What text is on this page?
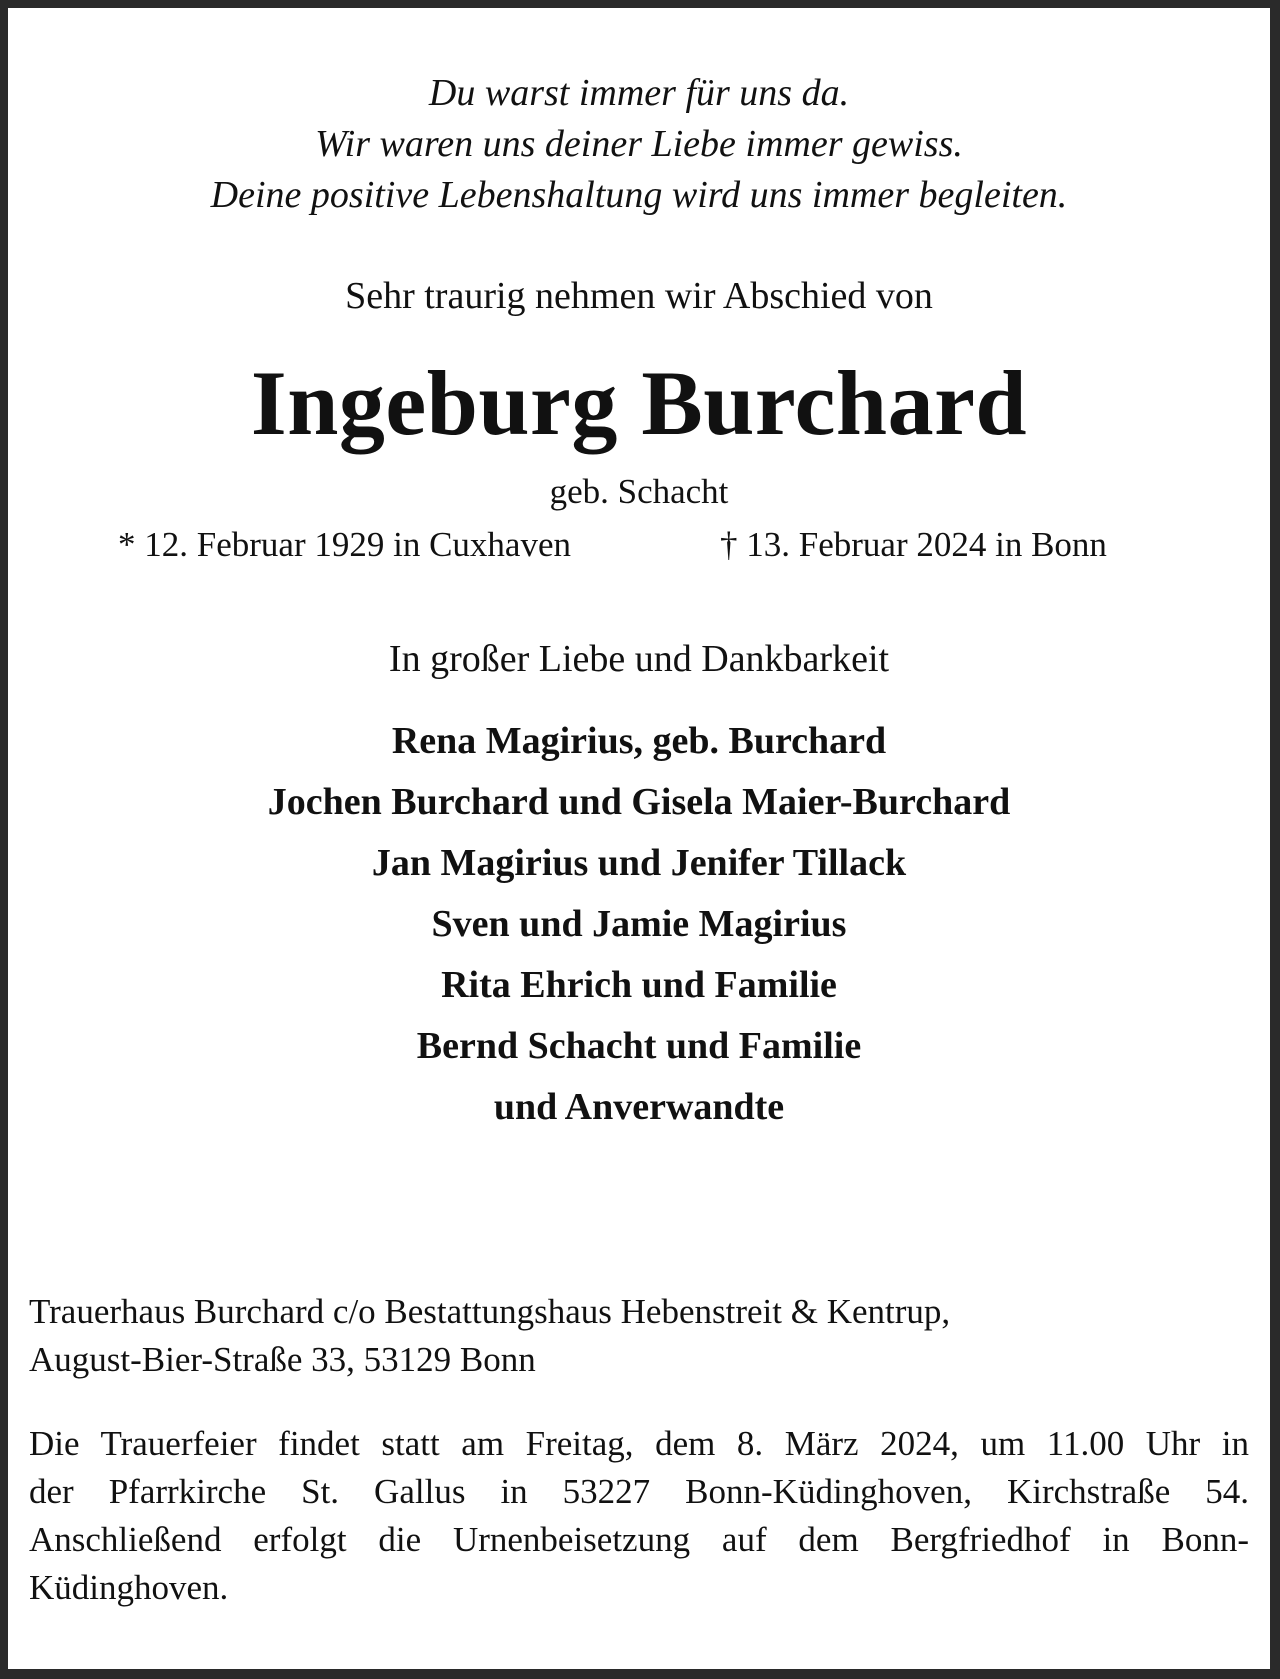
Du warst immer für uns da.
Wir waren uns deiner Liebe immer gewiss.
Deine positive Lebenshaltung wird uns immer begleiten.
Sehr traurig nehmen wir Abschied von
Ingeburg Burchard
geb. Schacht
* 12. Februar 1929 in Cuxhaven	† 13. Februar 2024 in Bonn
In großer Liebe und Dankbarkeit
Rena Magirius, geb. Burchard
Jochen Burchard und Gisela Maier-Burchard
Jan Magirius und Jenifer Tillack
Sven und Jamie Magirius
Rita Ehrich und Familie
Bernd Schacht und Familie
und Anverwandte
Trauerhaus Burchard c/o Bestattungshaus Hebenstreit & Kentrup,
August-Bier-Straße 33, 53129 Bonn
Die Trauerfeier findet statt am Freitag, dem 8. März 2024, um 11.00 Uhr in
der Pfarrkirche St. Gallus in 53227 Bonn-Küdinghoven, Kirchstraße 54.
Anschließend erfolgt die Urnenbeisetzung auf dem Bergfriedhof in Bonn-
Küdinghoven.
